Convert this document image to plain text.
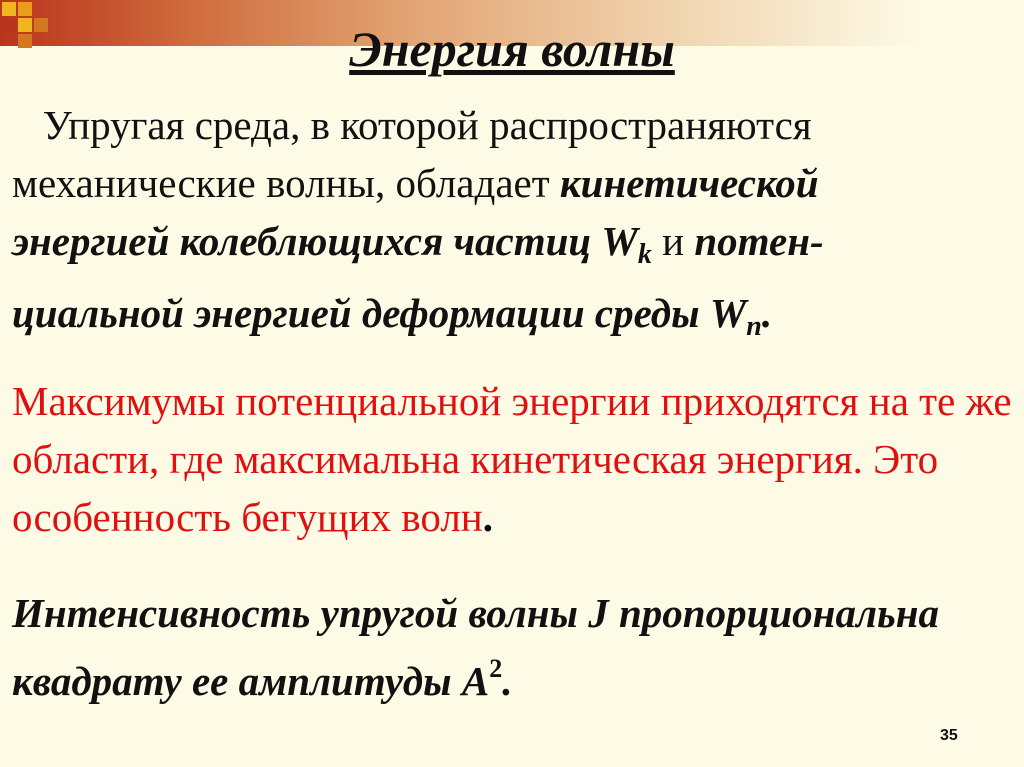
Энергия волны

Упругая среда, в которой распространяются
механические волны, обладает кинетической
энергией колеблющихся частиц $W_k$ и потен-
циальной энергией деформации среды $W_п$.

Максимумы потенциальной энергии приходятся на те же области, где максимальна кинетическая энергия. Это особенность бегущих волн.

Интенсивность упругой волны J пропорциональна
квадрату ее амплитуды $А^2$.

35
